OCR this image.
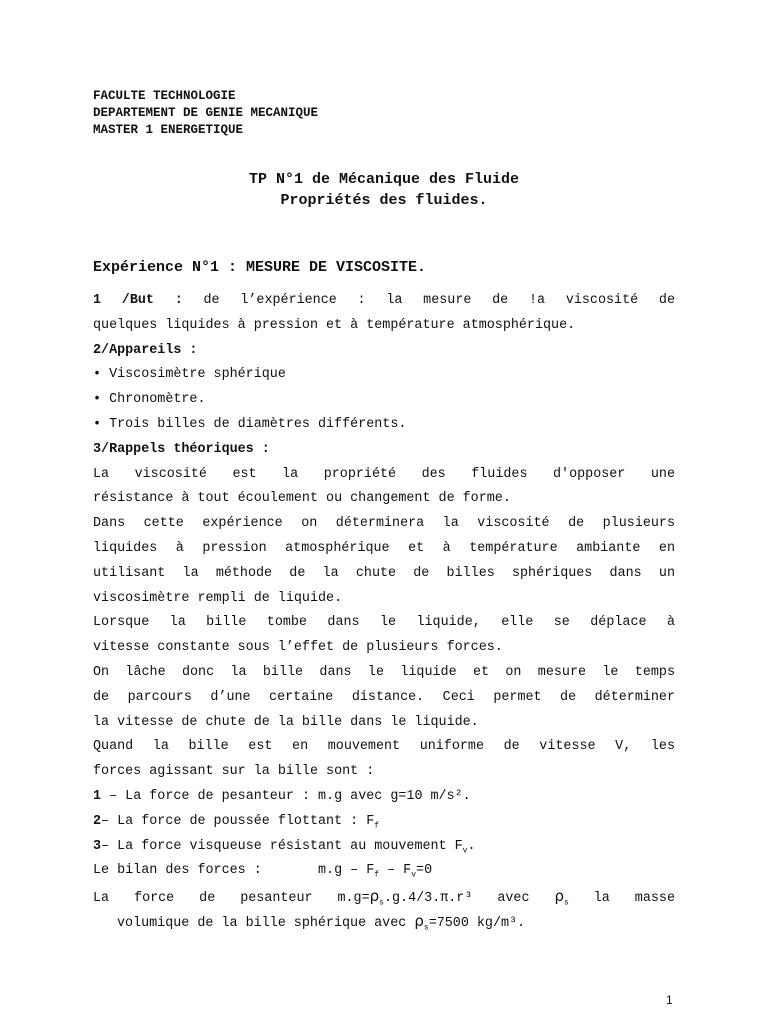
FACULTE TECHNOLOGIE
DEPARTEMENT DE GENIE MECANIQUE
MASTER 1 ENERGETIQUE
TP N°1 de Mécanique des Fluide
Propriétés des fluides.
Expérience N°1 : MESURE DE VISCOSITE.
1 /But : de l’expérience : la mesure de !a viscosité de
quelques liquides à pression et à température atmosphérique.
2/Appareils :
• Viscosimètre sphérique
• Chronomètre.
• Trois billes de diamètres différents.
3/Rappels théoriques :
La viscosité est la propriété des fluides d'opposer une
résistance à tout écoulement ou changement de forme.
Dans cette expérience on déterminera la viscosité de plusieurs
liquides à pression atmosphérique et à température ambiante en
utilisant la méthode de la chute de billes sphériques dans un
viscosimètre rempli de liquide.
Lorsque la bille tombe dans le liquide, elle se déplace à
vitesse constante sous l’effet de plusieurs forces.
On lâche donc la bille dans le liquide et on mesure le temps
de parcours d’une certaine distance. Ceci permet de déterminer
la vitesse de chute de la bille dans le liquide.
Quand la bille est en mouvement uniforme de vitesse V, les
forces agissant sur la bille sont :
1 – La force de pesanteur : m.g avec g=10 m/s².
2– La force de poussée flottant : $F_f$
3– La force visqueuse résistant au mouvement $F_v$.
Le bilan des forces :       $m.g - F_f - F_v=0$
La force de pesanteur $m.g=\rho_s.g.4/3.\pi.r^3$ avec $\rho_s$ la masse
volumique de la bille sphérique avec $\rho_s=7500$ kg/m³.
1
